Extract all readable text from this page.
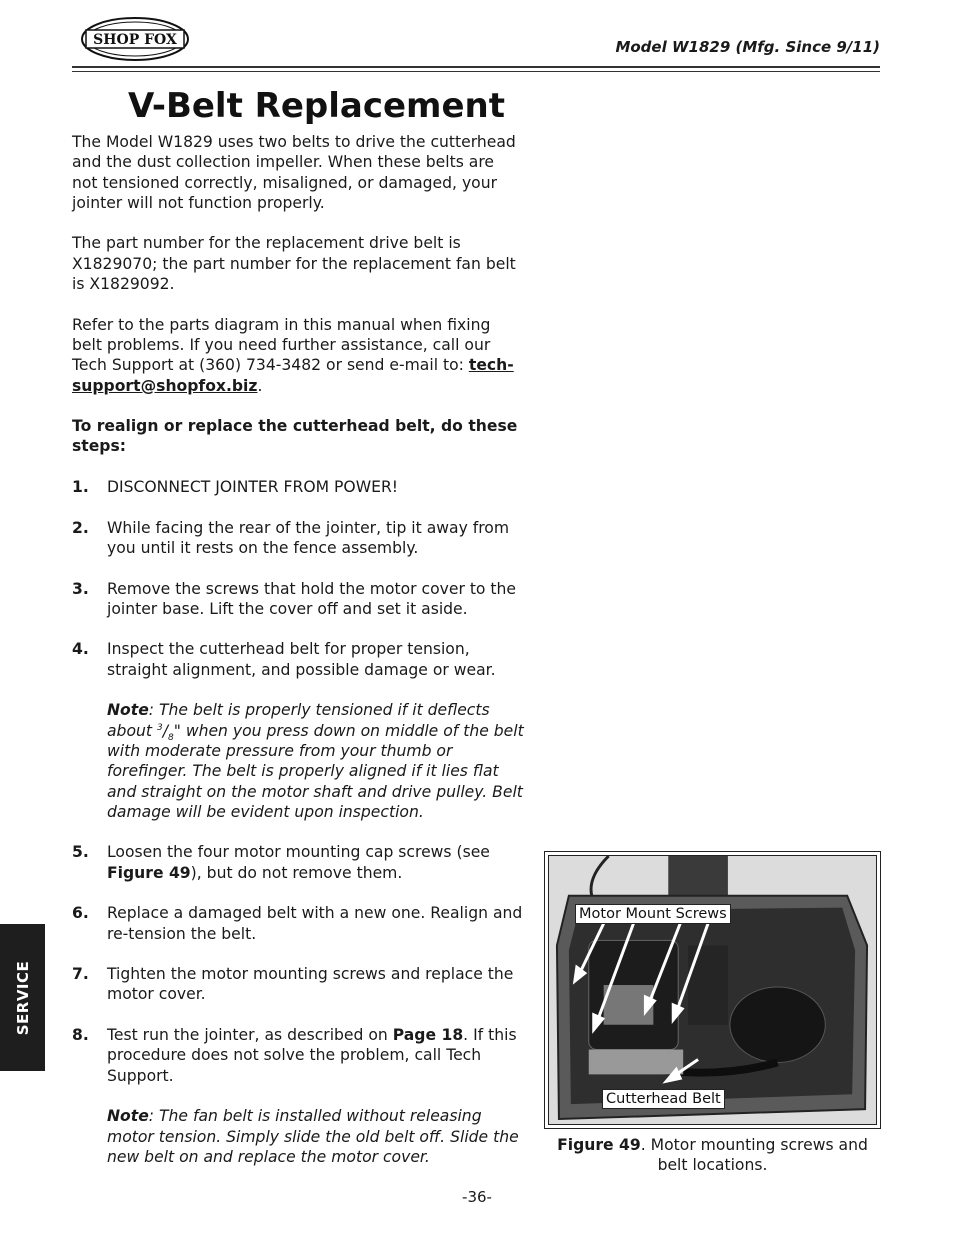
SHOP FOX	Model W1829 (Mfg. Since 9/11)
V-Belt Replacement

The Model W1829 uses two belts to drive the cutterhead and the dust collection impeller. When these belts are not tensioned correctly, misaligned, or damaged, your jointer will not function properly.

The part number for the replacement drive belt is X1829070; the part number for the replacement fan belt is X1829092.

Refer to the parts diagram in this manual when fixing belt problems. If you need further assistance, call our Tech Support at (360) 734-3482 or send e-mail to: tech-support@shopfox.biz.

To realign or replace the cutterhead belt, do these steps:

1. DISCONNECT JOINTER FROM POWER!
2. While facing the rear of the jointer, tip it away from you until it rests on the fence assembly.
3. Remove the screws that hold the motor cover to the jointer base. Lift the cover off and set it aside.
4. Inspect the cutterhead belt for proper tension, straight alignment, and possible damage or wear.

Note: The belt is properly tensioned if it deflects about $^3/_8$" when you press down on middle of the belt with moderate pressure from your thumb or forefinger. The belt is properly aligned if it lies flat and straight on the motor shaft and drive pulley. Belt damage will be evident upon inspection.

5. Loosen the four motor mounting cap screws (see Figure 49), but do not remove them.
6. Replace a damaged belt with a new one. Realign and re-tension the belt.
7. Tighten the motor mounting screws and replace the motor cover.
8. Test run the jointer, as described on Page 18. If this procedure does not solve the problem, call Tech Support.

Note: The fan belt is installed without releasing motor tension. Simply slide the old belt off. Slide the new belt on and replace the motor cover.

Motor Mount Screws
Cutterhead Belt
Figure 49. Motor mounting screws and belt locations.
SERVICE
-36-
